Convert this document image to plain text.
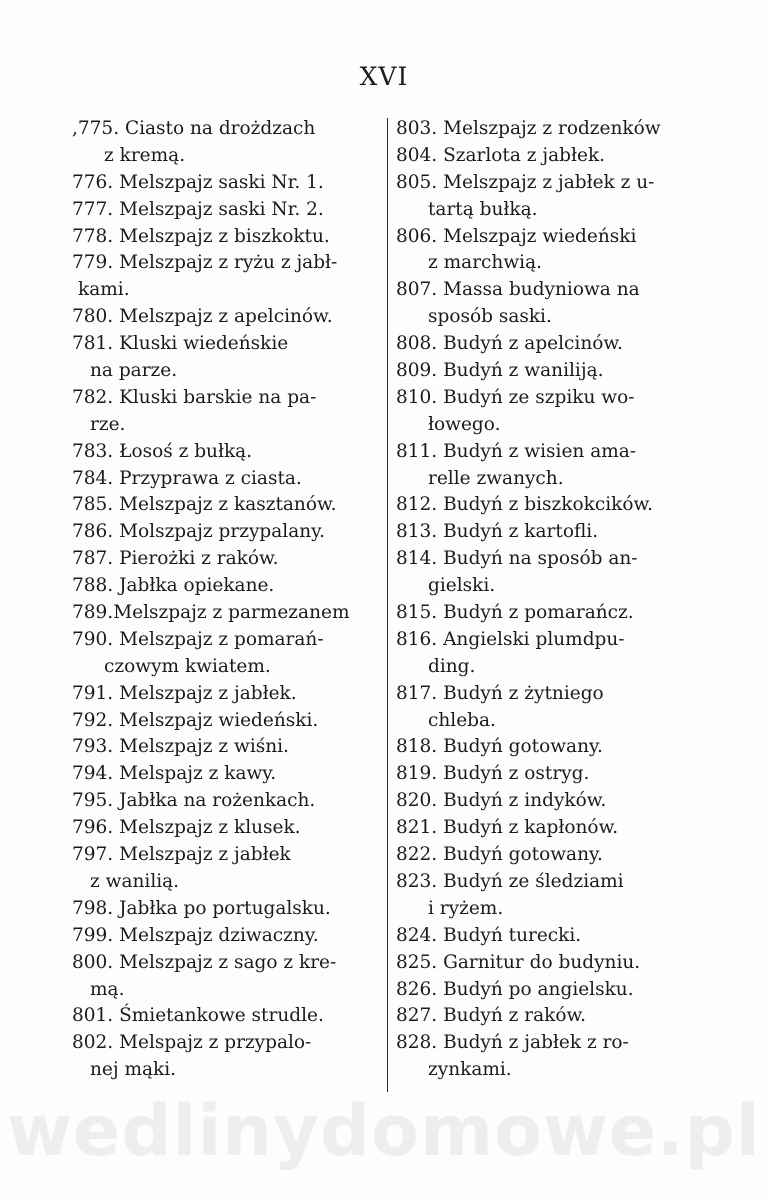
XVI
,775. Ciasto na drożdzach
z kremą.
776. Melszpajz saski Nr. 1.
777. Melszpajz saski Nr. 2.
778. Melszpajz z biszkoktu.
779. Melszpajz z ryżu z jabł-
kami.
780. Melszpajz z apelcinów.
781. Kluski wiedeńskie
na parze.
782. Kluski barskie na pa-
rze.
783. Łosoś z bułką.
784. Przyprawa z ciasta.
785. Melszpajz z kasztanów.
786. Molszpajz przypalany.
787. Pierożki z raków.
788. Jabłka opiekane.
789.Melszpajz z parmezanem
790. Melszpajz z pomarań-
czowym kwiatem.
791. Melszpajz z jabłek.
792. Melszpajz wiedeński.
793. Melszpajz z wiśni.
794. Melspajz z kawy.
795. Jabłka na rożenkach.
796. Melszpajz z klusek.
797. Melszpajz z jabłek
z wanilią.
798. Jabłka po portugalsku.
799. Melszpajz dziwaczny.
800. Melszpajz z sago z kre-
mą.
801. Śmietankowe strudle.
802. Melspajz z przypalo-
nej mąki.
803. Melszpajz z rodzenków
804. Szarlota z jabłek.
805. Melszpajz z jabłek z u-
tartą bułką.
806. Melszpajz wiedeński
z marchwią.
807. Massa budyniowa na
sposób saski.
808. Budyń z apelcinów.
809. Budyń z waniliją.
810. Budyń ze szpiku wo-
łowego.
811. Budyń z wisien ama-
relle zwanych.
812. Budyń z biszkokcików.
813. Budyń z kartofli.
814. Budyń na sposób an-
gielski.
815. Budyń z pomarańcz.
816. Angielski plumdpu-
ding.
817. Budyń z żytniego
chleba.
818. Budyń gotowany.
819. Budyń z ostryg.
820. Budyń z indyków.
821. Budyń z kapłonów.
822. Budyń gotowany.
823. Budyń ze śledziami
i ryżem.
824. Budyń turecki.
825. Garnitur do budyniu.
826. Budyń po angielsku.
827. Budyń z raków.
828. Budyń z jabłek z ro-
zynkami.
wedlinydomowe.pl
